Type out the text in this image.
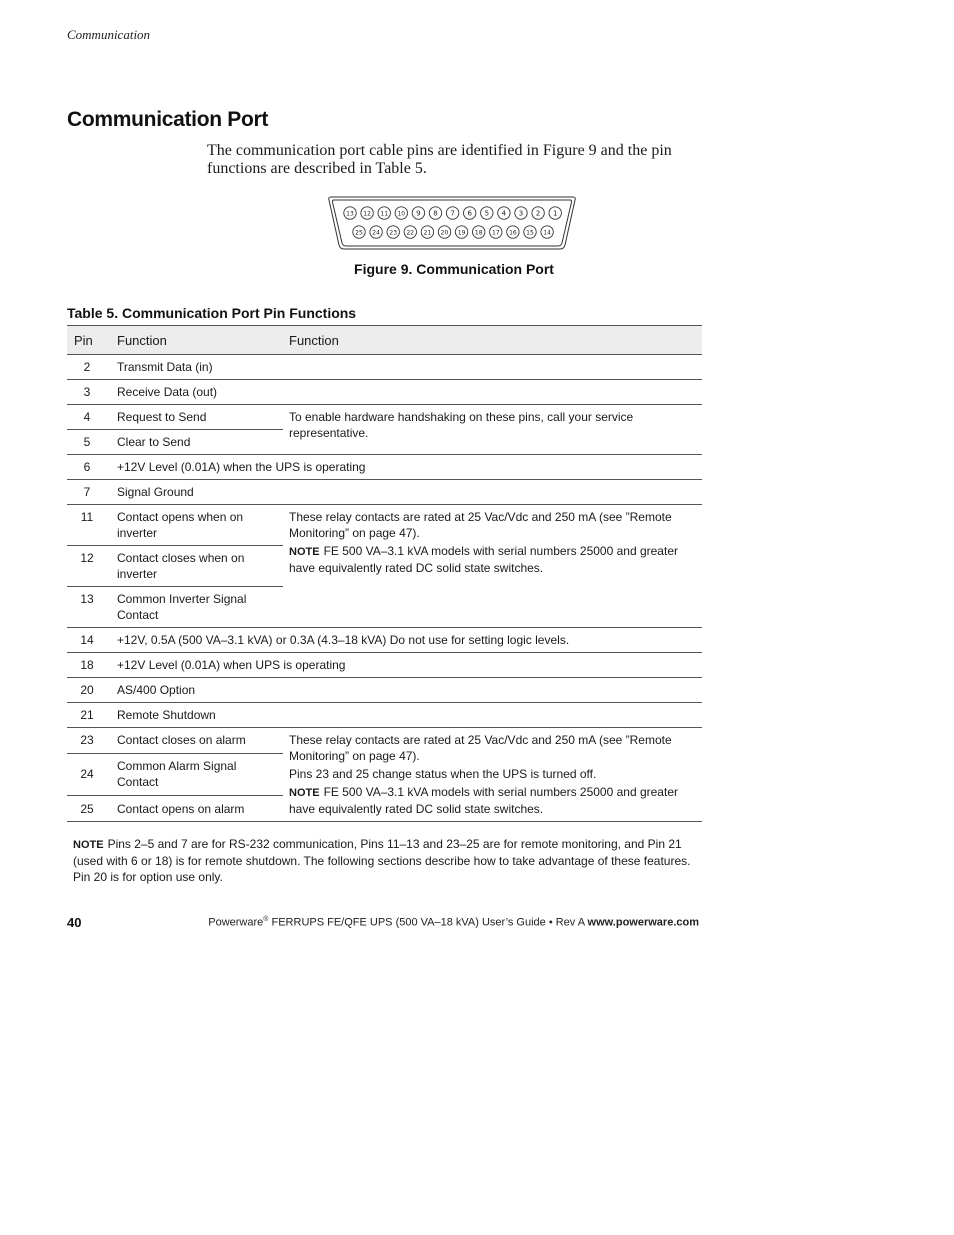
Communication
Communication Port

The communication port cable pins are identified in Figure 9 and the pin functions are described in Table 5.

13 12 11 10 9 8 7 6 5 4 3 2 1
25 24 23 22 21 20 19 18 17 16 15 14
Figure 9. Communication Port
Table 5. Communication Port Pin Functions
Pin	Function	Function
2	Transmit Data (in)	
3	Receive Data (out)	
4	Request to Send	To enable hardware handshaking on these pins, call your service representative.
5	Clear to Send	
6	+12V Level (0.01A) when the UPS is operating	
7	Signal Ground	
11	Contact opens when on inverter	These relay contacts are rated at 25 Vac/Vdc and 250 mA (see ”Remote Monitoring” on page 47).
NOTE FE 500 VA–3.1 kVA models with serial numbers 25000 and greater have equivalently rated DC solid state switches.

12	Contact closes when on inverter	
13	Common Inverter Signal Contact	
14	+12V, 0.5A (500 VA–3.1 kVA) or 0.3A (4.3–18 kVA) Do not use for setting logic levels.	
18	+12V Level (0.01A) when UPS is operating	
20	AS/400 Option	
21	Remote Shutdown	
23	Contact closes on alarm	These relay contacts are rated at 25 Vac/Vdc and 250 mA (see ”Remote Monitoring” on page 47).
Pins 23 and 25 change status when the UPS is turned off.
NOTE FE 500 VA–3.1 kVA models with serial numbers 25000 and greater have equivalently rated DC solid state switches.

24	Common Alarm Signal Contact	
25	Contact opens on alarm	

NOTE Pins 2–5 and 7 are for RS-232 communication, Pins 11–13 and 23–25 are for remote monitoring, and Pin 21 (used with 6 or 18) is for remote shutdown. The following sections describe how to take advantage of these features. Pin 20 is for option use only.

40	Powerware® FERRUPS FE/QFE UPS (500 VA–18 kVA) User’s Guide • Rev A www.powerware.com
